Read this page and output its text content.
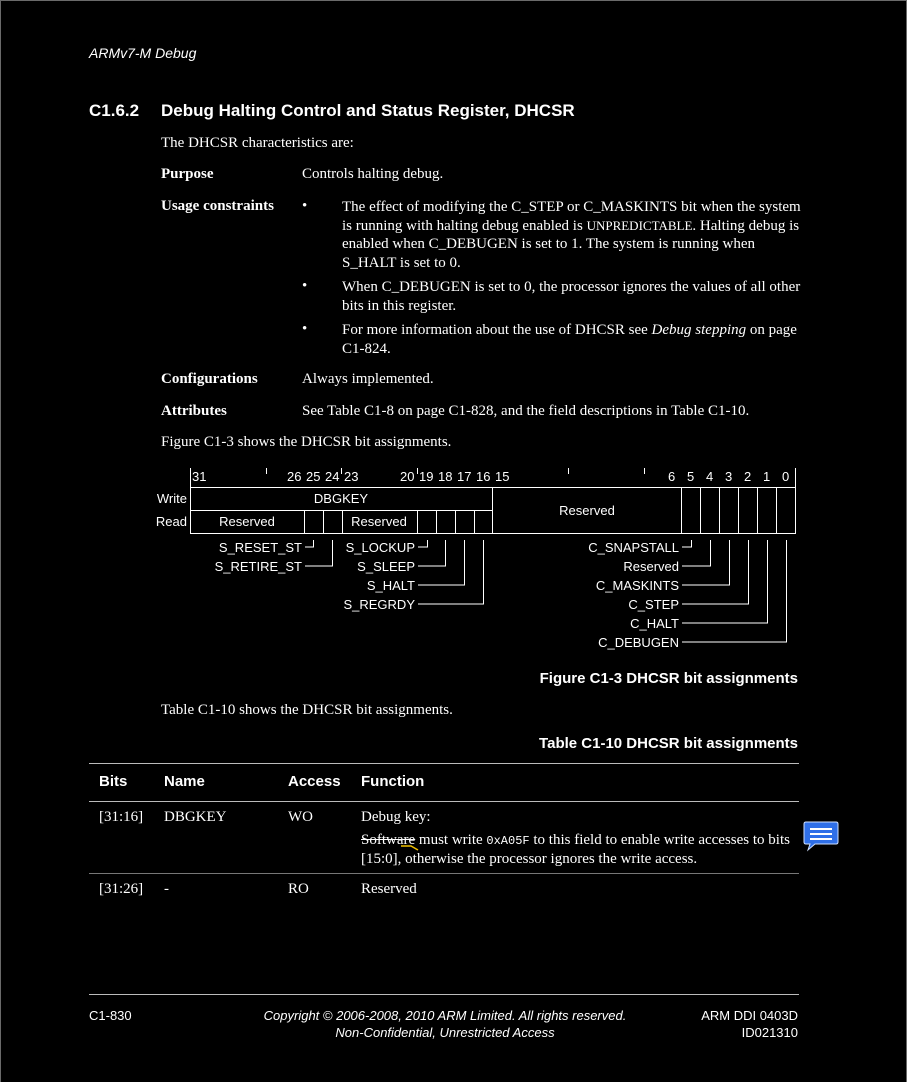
ARMv7-M Debug
C1.6.2 Debug Halting Control and Status Register, DHCSR
The DHCSR characteristics are:
Purpose	Controls halting debug.
Usage constraints • The effect of modifying the C_STEP or C_MASKINTS bit when the system is running with halting debug enabled is UNPREDICTABLE. Halting debug is enabled when C_DEBUGEN is set to 1. The system is running when S_HALT is set to 0.
• When C_DEBUGEN is set to 0, the processor ignores the values of all other bits in this register.
• For more information about the use of DHCSR see Debug stepping on page C1-824.
Configurations	Always implemented.
Attributes	See Table C1-8 on page C1-828, and the field descriptions in Table C1-10.
Figure C1-3 shows the DHCSR bit assignments.
31	26 25 24 23	20 19 18 17 16 15	6 5 4 3 2 1 0
Write
Read
DBGKEY
Reserved	Reserved
Reserved
S_RESET_ST
S_RETIRE_ST
S_LOCKUP
S_SLEEP
S_HALT
S_REGRDY
C_SNAPSTALL
Reserved
C_MASKINTS
C_STEP
C_HALT
C_DEBUGEN
Figure C1-3 DHCSR bit assignments
Table C1-10 shows the DHCSR bit assignments.
Table C1-10 DHCSR bit assignments
Bits Name	Access Function
[31:16] DBGKEY	WO	Debug key:
Software must write 0xA05F to this field to enable write accesses to bits [15:0], otherwise the processor ignores the write access.
[31:26] -	RO	Reserved
C1-830	Copyright © 2006-2008, 2010 ARM Limited. All rights reserved.
Non-Confidential, Unrestricted Access
ARM DDI 0403D
ID021310
